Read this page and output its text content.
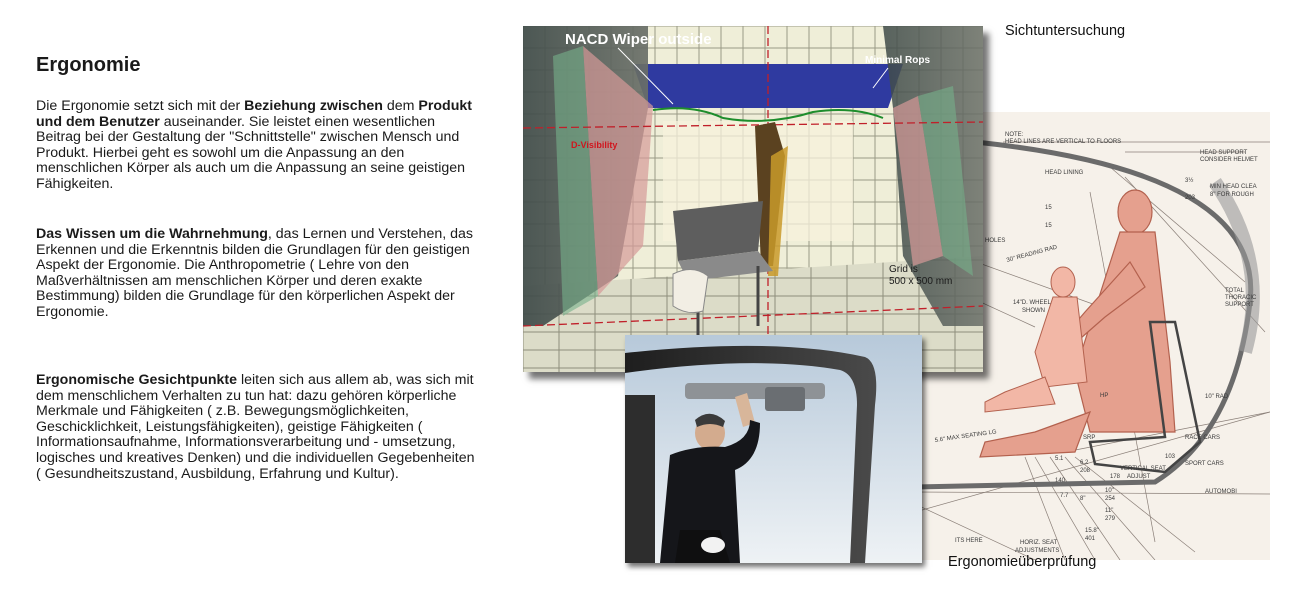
Ergonomie

Die Ergonomie setzt sich mit der Beziehung zwischen dem Produkt und dem Benutzer auseinander. Sie leistet einen wesentlichen Beitrag bei der Gestaltung der "Schnittstelle" zwischen Mensch und Produkt. Hierbei geht es sowohl um die Anpassung an den menschlichen Körper als auch um die Anpassung an seine geistigen Fähigkeiten.

Das Wissen um die Wahrnehmung, das Lernen und Verstehen, das Erkennen und die Erkenntnis bilden die Grundlagen für den geistigen Aspekt der Ergonomie. Die Anthropometrie ( Lehre von den Maßverhältnissen am menschlichen Körper und deren exakte Bestimmung) bilden die Grundlage für den körperlichen Aspekt der Ergonomie.

Ergonomische Gesichtpunkte leiten sich aus allem ab, was sich mit dem menschlichem Verhalten zu tun hat: dazu gehören körperliche Merkmale und Fähigkeiten ( z.B. Bewegungsmöglichkeiten, Geschicklichkeit, Leistungsfähigkeiten), geistige Fähigkeiten ( Informationsaufnahme, Informationsverarbeitung und - umsetzung, logisches und kreatives Denken) und die individuellen Gegebenheiten ( Gesundheitszustand, Ausbildung, Erfahrung und Kultur).

NOTE:
HEAD LINES ARE VERTICAL TO FLOORS
HEAD SUPPORT
CONSIDER HELMET
HEAD LINING
MIN HEAD CLEA
8" FOR ROUGH
203
3½
15
15
HOLES
30" READING RAD
14"D. WHEEL
SHOWN
TOTAL
THORACIC
SUPPORT
10" RAD
HP
5.6" MAX SEATING LG	SRP	RACE CARS
SPORT CARS
AUTOMOBI
VERTICAL SEAT
ADJUST
HORIZ. SEAT
ADJUSTMENTS
ITS HERE
5.1
6.2
7.7 8"
10"
11"
15.8"
254
279
401
178
208
140
103
NACD Wiper outside
Minimal Rops
D-Visibility
Grid is
500 x 500 mm
Sichtuntersuchung
Ergonomieüberprüfung
